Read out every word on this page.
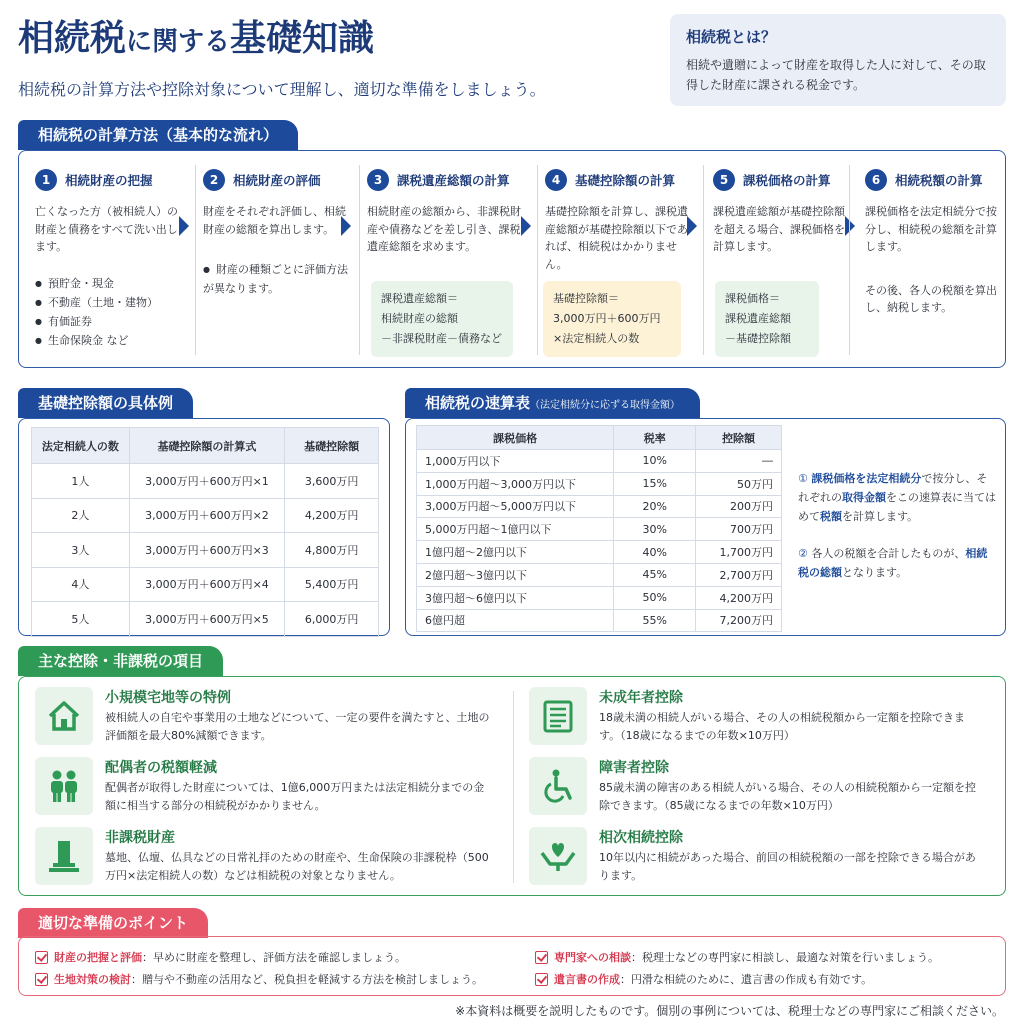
相続税に関する基礎知識
相続税の計算方法や控除対象について理解し、適切な準備をしましょう。
相続税とは？
相続や遺贈によって財産を取得した人に対して、その取得した財産に課される税金です。
相続税の計算方法（基本的な流れ）
1	相続財産の把握
亡くなった方（被相続人）の財産と債務をすべて洗い出します。
● 預貯金・現金
● 不動産（土地・建物）
● 有価証券
● 生命保険金 など
2	相続財産の評価
財産をそれぞれ評価し、相続財産の総額を算出します。
● 財産の種類ごとに評価方法が異なります。
3	課税遺産総額の計算
相続財産の総額から、非課税財産や債務などを差し引き、課税遺産総額を求めます。
課税遺産総額＝
相続財産の総額
－非課税財産－債務など
4	基礎控除額の計算
基礎控除額を計算し、課税遺産総額が基礎控除額以下であれば、相続税はかかりません。
基礎控除額＝
3,000万円＋600万円
×法定相続人の数
5	課税価格の計算
課税遺産総額が基礎控除額を超える場合、課税価格を計算します。
課税価格＝
課税遺産総額
－基礎控除額
6	相続税額の計算
課税価格を法定相続分で按分し、相続税の総額を計算します。
その後、各人の税額を算出し、納税します。
基礎控除額の具体例
法定相続人の数	基礎控除額の計算式	基礎控除額
1人	3,000万円＋600万円×1	3,600万円
2人	3,000万円＋600万円×2	4,200万円
3人	3,000万円＋600万円×3	4,800万円
4人	3,000万円＋600万円×4	5,400万円
5人	3,000万円＋600万円×5	6,000万円
相続税の速算表（法定相続分に応ずる取得金額）
課税価格	税率	控除額
1,000万円以下	10%	―
1,000万円超～3,000万円以下	15%	50万円
3,000万円超～5,000万円以下	20%	200万円
5,000万円超～1億円以下	30%	700万円
1億円超～2億円以下	40%	1,700万円
2億円超～3億円以下	45%	2,700万円
3億円超～6億円以下	50%	4,200万円
6億円超	55%	7,200万円

① 課税価格を法定相続分で按分し、それぞれの取得金額をこの速算表に当てはめて税額を計算します。

② 各人の税額を合計したものが、相続税の総額となります。

主な控除・非課税の項目
小規模宅地等の特例
被相続人の自宅や事業用の土地などについて、一定の要件を満たすと、土地の評価額を最大80%減額できます。
配偶者の税額軽減
配偶者が取得した財産については、1億6,000万円または法定相続分までの金額に相当する部分の相続税がかかりません。
非課税財産
墓地、仏壇、仏具などの日常礼拝のための財産や、生命保険の非課税枠（500万円×法定相続人の数）などは相続税の対象となりません。
未成年者控除
18歳未満の相続人がいる場合、その人の相続税額から一定額を控除できます。（18歳になるまでの年数×10万円）
障害者控除
85歳未満の障害のある相続人がいる場合、その人の相続税額から一定額を控除できます。（85歳になるまでの年数×10万円）
相次相続控除
10年以内に相続があった場合、前回の相続税額の一部を控除できる場合があります。
適切な準備のポイント
財産の把握と評価：早めに財産を整理し、評価方法を確認しましょう。
生地対策の検討：贈与や不動産の活用など、税負担を軽減する方法を検討しましょう。
専門家への相談：税理士などの専門家に相談し、最適な対策を行いましょう。
遺言書の作成：円滑な相続のために、遺言書の作成も有効です。
※本資料は概要を説明したものです。個別の事例については、税理士などの専門家にご相談ください。
